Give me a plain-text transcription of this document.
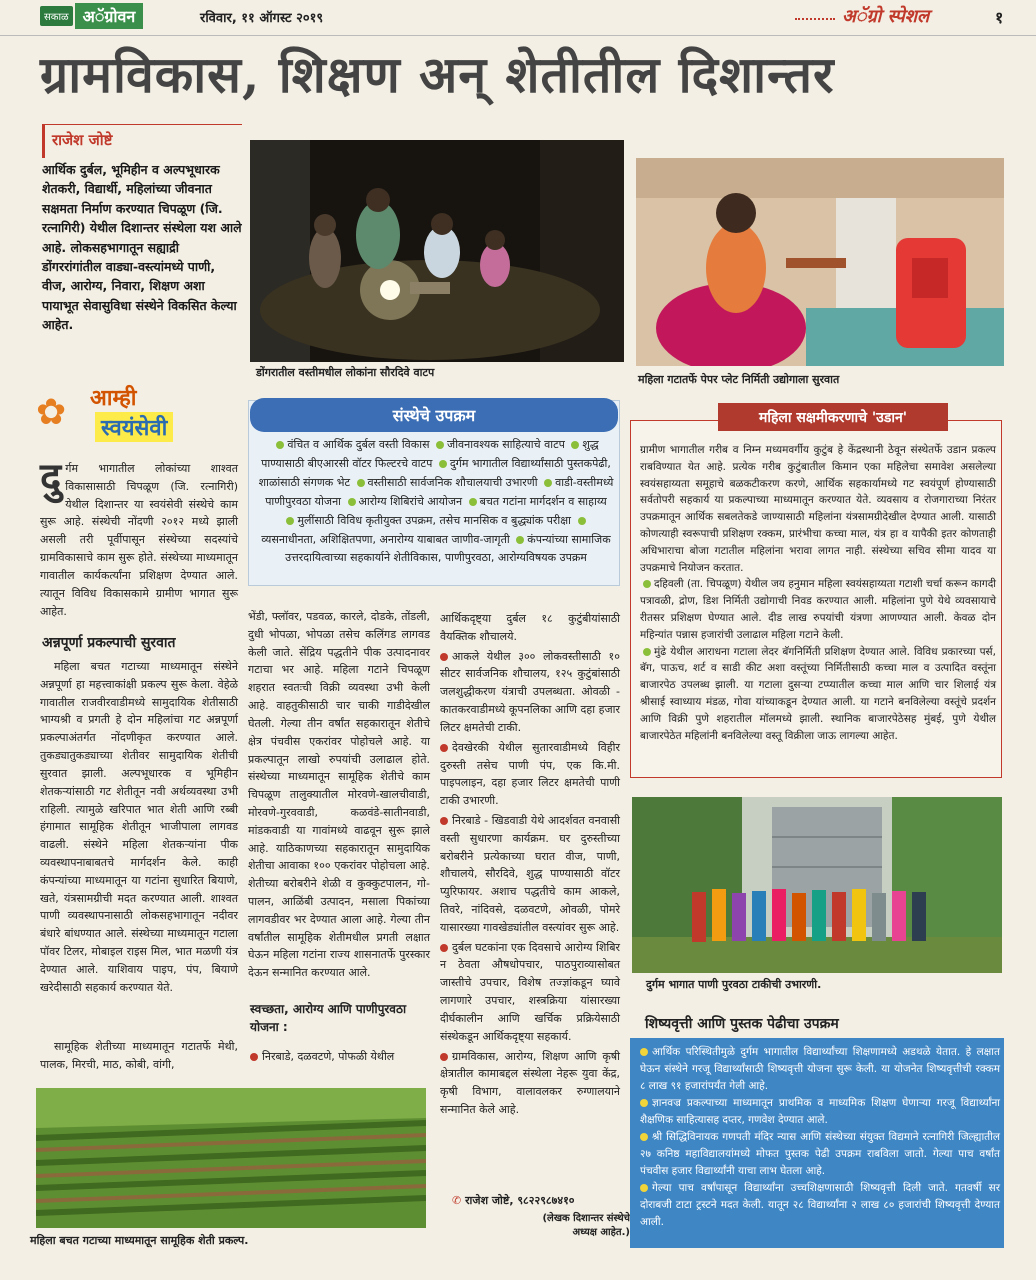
सकाळ अॅग्रोवन	रविवार, ११ ऑगस्ट २०१९	अॅग्रो स्पेशल	१
ग्रामविकास, शिक्षण अन् शेतीतील दिशान्तर
राजेश जोष्टे
आर्थिक दुर्बल, भूमिहीन व अल्पभूधारक शेतकरी, विद्यार्थी, महिलांच्या जीवनात सक्षमता निर्माण करण्यात चिपळूण (जि. रत्नागिरी) येथील दिशान्तर संस्थेला यश आले आहे. लोकसहभागातून सह्याद्री डोंगररांगांतील वाड्या-वस्त्यांमध्ये पाणी, वीज, आरोग्य, निवारा, शिक्षण अशा पायाभूत सेवासुविधा संस्थेने विकसित केल्या आहेत.
डोंगरातील वस्तीमधील लोकांना सौरदिवे वाटप
महिला गटातर्फे पेपर प्लेट निर्मिती उद्योगाला सुरवात
✿ आम्ही
स्वयंसेवी
दुर्गम भागातील लोकांच्या शाश्वत विकासासाठी चिपळूण (जि. रत्नागिरी) येथील दिशान्तर या स्वयंसेवी संस्थेचे काम सुरू आहे. संस्थेची नोंदणी २०१२ मध्ये झाली असली तरी पूर्वीपासून संस्थेच्या सदस्यांचे ग्रामविकासाचे काम सुरू होते. संस्थेच्या माध्यमातून गावातील कार्यकर्त्यांना प्रशिक्षण देण्यात आले. त्यातून विविध विकासकामे ग्रामीण भागात सुरू आहेत.
अन्नपूर्णा प्रकल्पाची सुरवात
महिला बचत गटाच्या माध्यमातून संस्थेने अन्नपूर्णा हा महत्त्वाकांक्षी प्रकल्प सुरू केला. वेहेळे गावातील राजवीरवाडीमध्ये सामुदायिक शेतीसाठी भाग्यश्री व प्रगती हे दोन महिलांचा गट अन्नपूर्णा प्रकल्पाअंतर्गत नोंदणीकृत करण्यात आले. तुकड्यातुकड्याच्या शेतीवर सामुदायिक शेतीची सुरवात झाली. अल्पभूधारक व भूमिहीन शेतकऱ्यांसाठी गट शेतीतून नवी अर्थव्यवस्था उभी राहिली. त्यामुळे खरिपात भात शेती आणि रब्बी हंगामात सामूहिक शेतीतून भाजीपाला लागवड वाढली. संस्थेने महिला शेतकऱ्यांना पीक व्यवस्थापनाबाबतचे मार्गदर्शन केले. काही कंपन्यांच्या माध्यमातून या गटांना सुधारित बियाणे, खते, यंत्रसामग्रीची मदत करण्यात आली. शाश्वत पाणी व्यवस्थापनासाठी लोकसहभागातून नदीवर बंधारे बांधण्यात आले. संस्थेच्या माध्यमातून गटाला पॉवर टिलर, मोबाइल राइस मिल, भात मळणी यंत्र देण्यात आले. याशिवाय पाइप, पंप, बियाणे खरेदीसाठी सहकार्य करण्यात येते.
सामूहिक शेतीच्या माध्यमातून गटातर्फे मेथी, पालक, मिरची, माठ, कोबी, वांगी,
संस्थेचे उपक्रम
वंचित व आर्थिक दुर्बल वस्ती विकास जीवनावश्यक साहित्याचे वाटप शुद्ध पाण्यासाठी बीएआरसी वॉटर फिल्टरचे वाटप दुर्गम भागातील विद्यार्थ्यांसाठी पुस्तकपेढी, शाळांसाठी संगणक भेट वस्तीसाठी सार्वजनिक शौचालयाची उभारणी वाडी-वस्तीमध्ये पाणीपुरवठा योजना आरोग्य शिबिरांचे आयोजन बचत गटांना मार्गदर्शन व साहाय्य मुलींसाठी विविध कृतीयुक्त उपक्रम, तसेच मानसिक व बुद्ध्यांक परीक्षा व्यसनाधीनता, अशिक्षितपणा, अनारोग्य याबाबत जाणीव-जागृती कंपन्यांच्या सामाजिक उत्तरदायित्वाच्या सहकार्याने शेतीविकास, पाणीपुरवठा, आरोग्यविषयक उपक्रम
भेंडी, फ्लॉवर, पडवळ, कारले, दोडके, तोंडली, दुधी भोपळा, भोपळा तसेच कलिंगड लागवड केली जाते. सेंद्रिय पद्धतीने पीक उत्पादनावर गटाचा भर आहे. महिला गटाने चिपळूण शहरात स्वतःची विक्री व्यवस्था उभी केली आहे. वाहतुकीसाठी चार चाकी गाडीदेखील घेतली. गेल्या तीन वर्षांत सहकारातून शेतीचे क्षेत्र पंचवीस एकरांवर पोहोचले आहे. या प्रकल्पातून लाखो रुपयांची उलाढाल होते. संस्थेच्या माध्यमातून सामूहिक शेतीचे काम चिपळूण तालुक्यातील मोरवणे-खालचीवाडी, मोरवणे-गुरववाडी, कळवंडे-सातीनवाडी, मांडकवाडी या गावांमध्ये वाढवून सुरू झाले आहे. याठिकाणच्या सहकारातून सामुदायिक शेतीचा आवाका १०० एकरांवर पोहोचला आहे. शेतीच्या बरोबरीने शेळी व कुक्कुटपालन, गो-पालन, आळिंबी उत्पादन, मसाला पिकांच्या लागवडीवर भर देण्यात आला आहे. गेल्या तीन वर्षांतील सामूहिक शेतीमधील प्रगती लक्षात घेऊन महिला गटांना राज्य शासनातर्फे पुरस्कार देऊन सन्मानित करण्यात आले.
स्वच्छता, आरोग्य आणि पाणीपुरवठा योजना :
निरबाडे, दळवटणे, पोफळी येथील
आर्थिकदृष्ट्या दुर्बल १८ कुटुंबीयांसाठी वैयक्तिक शौचालये.
आकले येथील ३०० लोकवस्तीसाठी १० सीटर सार्वजनिक शौचालय, १२५ कुटुंबांसाठी जलशुद्धीकरण यंत्राची उपलब्धता. ओवळी - कातकरवाडीमध्ये कूपनलिका आणि दहा हजार लिटर क्षमतेची टाकी.
देवखेरकी येथील सुतारवाडीमध्ये विहीर दुरुस्ती तसेच पाणी पंप, एक कि.मी. पाइपलाइन, दहा हजार लिटर क्षमतेची पाणी टाकी उभारणी.
निरबाडे - खिडवाडी येथे आदर्शवत वनवासी वस्ती सुधारणा कार्यक्रम. घर दुरुस्तीच्या बरोबरीने प्रत्येकाच्या घरात वीज, पाणी, शौचालये, सौरदिवे, शुद्ध पाण्यासाठी वॉटर प्युरिफायर. अशाच पद्धतीचे काम आकले, तिवरे, नांदिवसे, दळवटणे, ओवळी, पोमरे यासारख्या गावखेड्यांतील वस्त्यांवर सुरू आहे.
दुर्बल घटकांना एक दिवसाचे आरोग्य शिबिर न ठेवता औषधोपचार, पाठपुराव्यासोबत जास्तीचे उपचार, विशेष तज्ज्ञांकडून घ्यावे लागणारे उपचार, शस्त्रक्रिया यांसारख्या दीर्घकालीन आणि खर्चिक प्रक्रियेसाठी संस्थेकडून आर्थिकदृष्ट्या सहकार्य.
ग्रामविकास, आरोग्य, शिक्षण आणि कृषी क्षेत्रातील कामाबद्दल संस्थेला नेहरू युवा केंद्र, कृषी विभाग, वालावलकर रुग्णालयाने सन्मानित केले आहे.
✆ राजेश जोष्टे, ९८२२९८७४१०
(लेखक दिशान्तर संस्थेचे अध्यक्ष आहेत.)
महिला सक्षमीकरणाचे 'उडान'
ग्रामीण भागातील गरीब व निम्न मध्यमवर्गीय कुटुंब हे केंद्रस्थानी ठेवून संस्थेतर्फे उडान प्रकल्प राबविण्यात येत आहे. प्रत्येक गरीब कुटुंबातील किमान एका महिलेचा समावेश असलेल्या स्वयंसहाय्यता समूहाचे बळकटीकरण करणे, आर्थिक सहकार्यामध्ये गट स्वयंपूर्ण होण्यासाठी सर्वतोपरी सहकार्य या प्रकल्पाच्या माध्यमातून करण्यात येते. व्यवसाय व रोजगाराच्या निरंतर उपक्रमातून आर्थिक सबलतेकडे जाण्यासाठी महिलांना यंत्रसामग्रीदेखील देण्यात आली. यासाठी कोणत्याही स्वरूपाची प्रशिक्षण रक्कम, प्रारंभीचा कच्चा माल, यंत्र हा व यापैकी इतर कोणताही अधिभाराचा बोजा गटातील महिलांना भरावा लागत नाही. संस्थेच्या सचिव सीमा यादव या उपक्रमाचे नियोजन करतात.
दहिवली (ता. चिपळूण) येथील जय हनुमान महिला स्वयंसहाय्यता गटाशी चर्चा करून कागदी पत्रावळी, द्रोण, डिश निर्मिती उद्योगाची निवड करण्यात आली. महिलांना पुणे येथे व्यवसायाचे रीतसर प्रशिक्षण घेण्यात आले. दीड लाख रुपयांची यंत्रणा आणण्यात आली. केवळ दोन महिन्यांत पन्नास हजारांची उलाढाल महिला गटाने केली.
मुंढे येथील आराधना गटाला लेदर बॅगनिर्मिती प्रशिक्षण देण्यात आले. विविध प्रकारच्या पर्स, बॅग, पाऊच, शर्ट व साडी कीट अशा वस्तूंच्या निर्मितीसाठी कच्चा माल व उत्पादित वस्तूंना बाजारपेठ उपलब्ध झाली. या गटाला दुसऱ्या टप्प्यातील कच्चा माल आणि चार शिलाई यंत्र श्रीसाई स्वाध्याय मंडळ, गोवा यांच्याकडून देण्यात आली. या गटाने बनविलेल्या वस्तूंचे प्रदर्शन आणि विक्री पुणे शहरातील मॉलमध्ये झाली. स्थानिक बाजारपेठेसह मुंबई, पुणे येथील बाजारपेठेत महिलांनी बनविलेल्या वस्तू विक्रीला जाऊ लागल्या आहेत.
दुर्गम भागात पाणी पुरवठा टाकीची उभारणी.
शिष्यवृत्ती आणि पुस्तक पेढीचा उपक्रम
आर्थिक परिस्थितीमुळे दुर्गम भागातील विद्यार्थ्यांच्या शिक्षणामध्ये अडथळे येतात. हे लक्षात घेऊन संस्थेने गरजू विद्यार्थ्यांसाठी शिष्यवृत्ती योजना सुरू केली. या योजनेत शिष्यवृत्तीची रक्कम ८ लाख ९१ हजारांपर्यंत गेली आहे.
ज्ञानवज्र प्रकल्पाच्या माध्यमातून प्राथमिक व माध्यमिक शिक्षण घेणाऱ्या गरजू विद्यार्थ्यांना शैक्षणिक साहित्यासह दप्तर, गणवेश देण्यात आले.
श्री सिद्धिविनायक गणपती मंदिर न्यास आणि संस्थेच्या संयुक्त विद्यमाने रत्नागिरी जिल्ह्यातील २७ कनिष्ठ महाविद्यालयांमध्ये मोफत पुस्तक पेढी उपक्रम राबविला जातो. गेल्या पाच वर्षांत पंचवीस हजार विद्यार्थ्यांनी याचा लाभ घेतला आहे.
गेल्या पाच वर्षांपासून विद्यार्थ्यांना उच्चशिक्षणासाठी शिष्यवृत्ती दिली जाते. गतवर्षी सर दोराबजी टाटा ट्रस्टने मदत केली. यातून २८ विद्यार्थ्यांना २ लाख ८० हजारांची शिष्यवृत्ती देण्यात आली.
महिला बचत गटाच्या माध्यमातून सामूहिक शेती प्रकल्प.
